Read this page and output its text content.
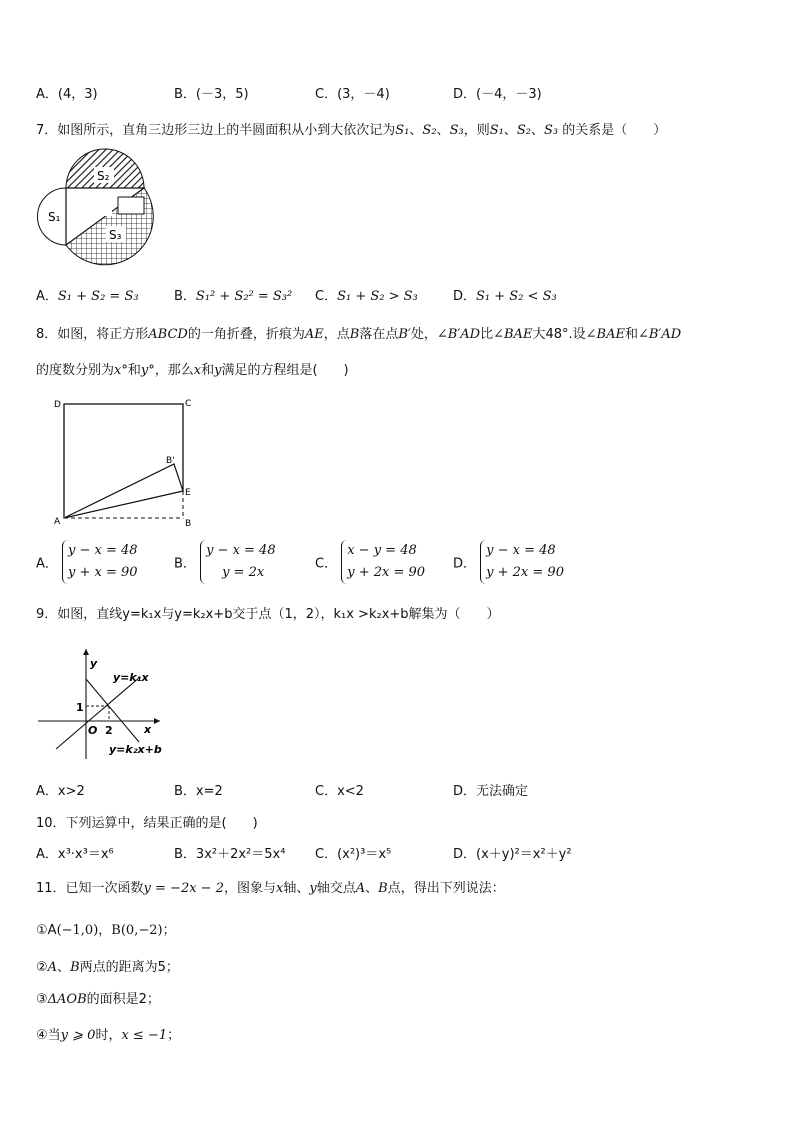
A．(4，3)	B．(－3，5)	C．(3，－4)	D．(－4，－3)
7．如图所示，直角三边形三边上的半圆面积从小到大依次记为S₁、S₂、S₃，则S₁、S₂、S₃ 的关系是（　　）
S₂
S₁
S₃
A．S₁ + S₂ = S₃	B．S₁² + S₂² = S₃² C．S₁ + S₂ > S₃	D．S₁ + S₂ < S₃
8．如图，将正方形ABCD的一角折叠，折痕为AE，点B落在点B′处，∠B′AD比∠BAE大48°.设∠BAE和∠B′AD
的度数分别为x°和y°，那么x和y满足的方程组是(　　)
D	C
B'
E
A	B
A． y − x = 48
y + x = 90
B． y − x = 48
y = 2x
C． x − y = 48
y + 2x = 90
D． y − x = 48
y + 2x = 90
9．如图，直线y=k₁x与y=k₂x+b交于点（1，2），k₁x >k₂x+b解集为（　　）
y
x
O
1
2
y=k₁x
y=k₂x+b
A．x>2	B．x=2	C．x<2	D．无法确定
10．下列运算中，结果正确的是(　　)
A．x³·x³＝x⁶	B．3x²＋2x²＝5x⁴ C．(x²)³＝x⁵	D．(x＋y)²＝x²＋y²
11．已知一次函数y = −2x − 2，图象与x轴、y轴交点A、B点，得出下列说法：
①A(−1,0)，B(0,−2)；
②A、B两点的距离为5；
③ΔAOB的面积是2；
④当y ⩾ 0时，x ≤ −1；
